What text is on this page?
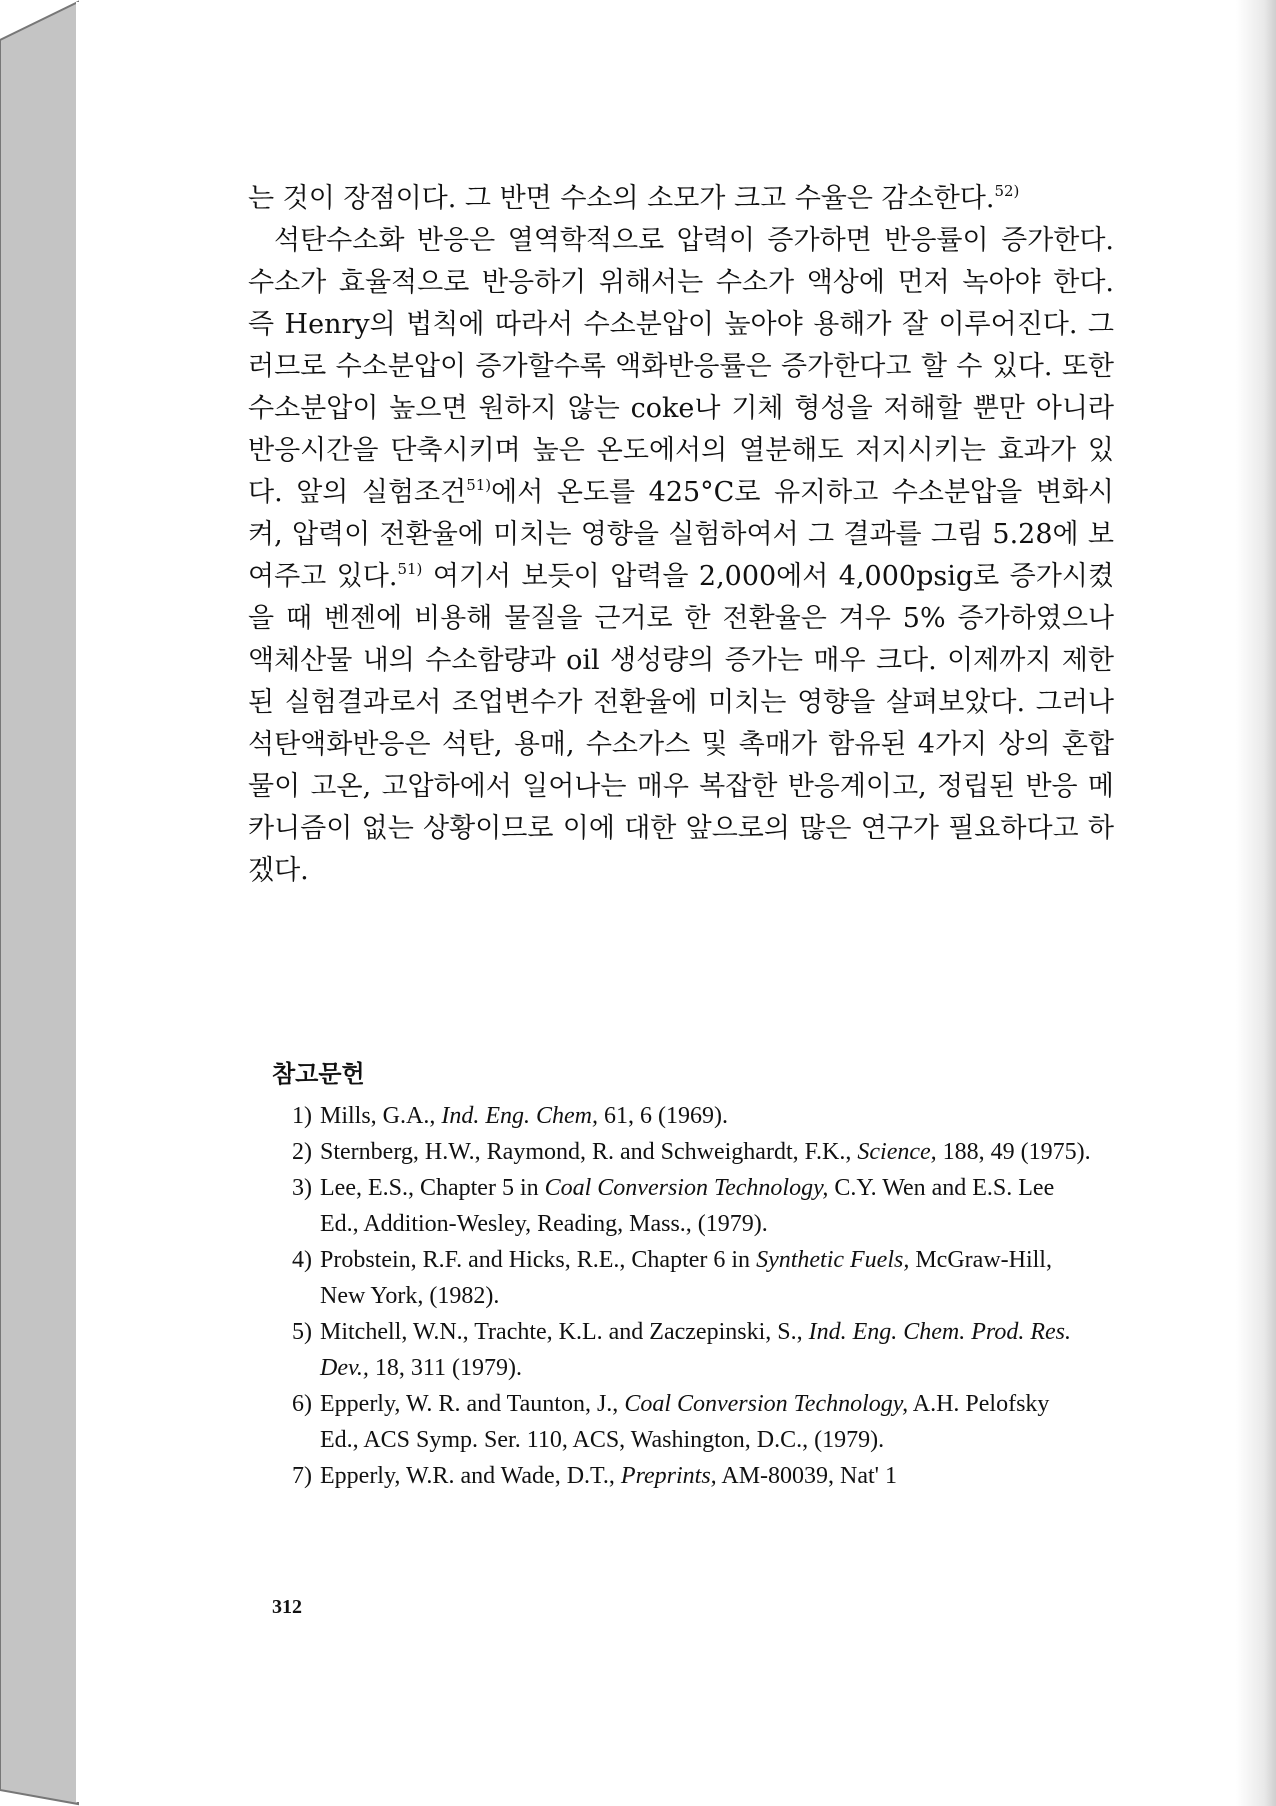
는 것이 장점이다. 그 반면 수소의 소모가 크고 수율은 감소한다.$^{52)}$

석탄수소화 반응은 열역학적으로 압력이 증가하면 반응률이 증가한다. 수소가 효율적으로 반응하기 위해서는 수소가 액상에 먼저 녹아야 한다. 즉 Henry의 법칙에 따라서 수소분압이 높아야 용해가 잘 이루어진다. 그러므로 수소분압이 증가할수록 액화반응률은 증가한다고 할 수 있다. 또한 수소분압이 높으면 원하지 않는 coke나 기체 형성을 저해할 뿐만 아니라 반응시간을 단축시키며 높은 온도에서의 열분해도 저지시키는 효과가 있다. 앞의 실험조건$^{51)}$에서 온도를 425°C로 유지하고 수소분압을 변화시켜, 압력이 전환율에 미치는 영향을 실험하여서 그 결과를 그림 5.28에 보여주고 있다.$^{51)}$ 여기서 보듯이 압력을 2,000에서 4,000psig로 증가시켰을 때 벤젠에 비용해 물질을 근거로 한 전환율은 겨우 5% 증가하였으나 액체산물 내의 수소함량과 oil 생성량의 증가는 매우 크다. 이제까지 제한된 실험결과로서 조업변수가 전환율에 미치는 영향을 살펴보았다. 그러나 석탄액화반응은 석탄, 용매, 수소가스 및 촉매가 함유된 4가지 상의 혼합물이 고온, 고압하에서 일어나는 매우 복잡한 반응계이고, 정립된 반응 메카니즘이 없는 상황이므로 이에 대한 앞으로의 많은 연구가 필요하다고 하겠다.

참고문헌
1) Mills, G.A., Ind. Eng. Chem, 61, 6 (1969).
2) Sternberg, H.W., Raymond, R. and Schweighardt, F.K., Science, 188, 49 (1975).
3) Lee, E.S., Chapter 5 in Coal Conversion Technology, C.Y. Wen and E.S. Lee Ed., Addition-Wesley, Reading, Mass., (1979).
4) Probstein, R.F. and Hicks, R.E., Chapter 6 in Synthetic Fuels, McGraw-Hill, New York, (1982).
5) Mitchell, W.N., Trachte, K.L. and Zaczepinski, S., Ind. Eng. Chem. Prod. Res. Dev., 18, 311 (1979).
6) Epperly, W. R. and Taunton, J., Coal Conversion Technology, A.H. Pelofsky Ed., ACS Symp. Ser. 110, ACS, Washington, D.C., (1979).
7) Epperly, W.R. and Wade, D.T., Preprints, AM-80039, Nat' 1
312
